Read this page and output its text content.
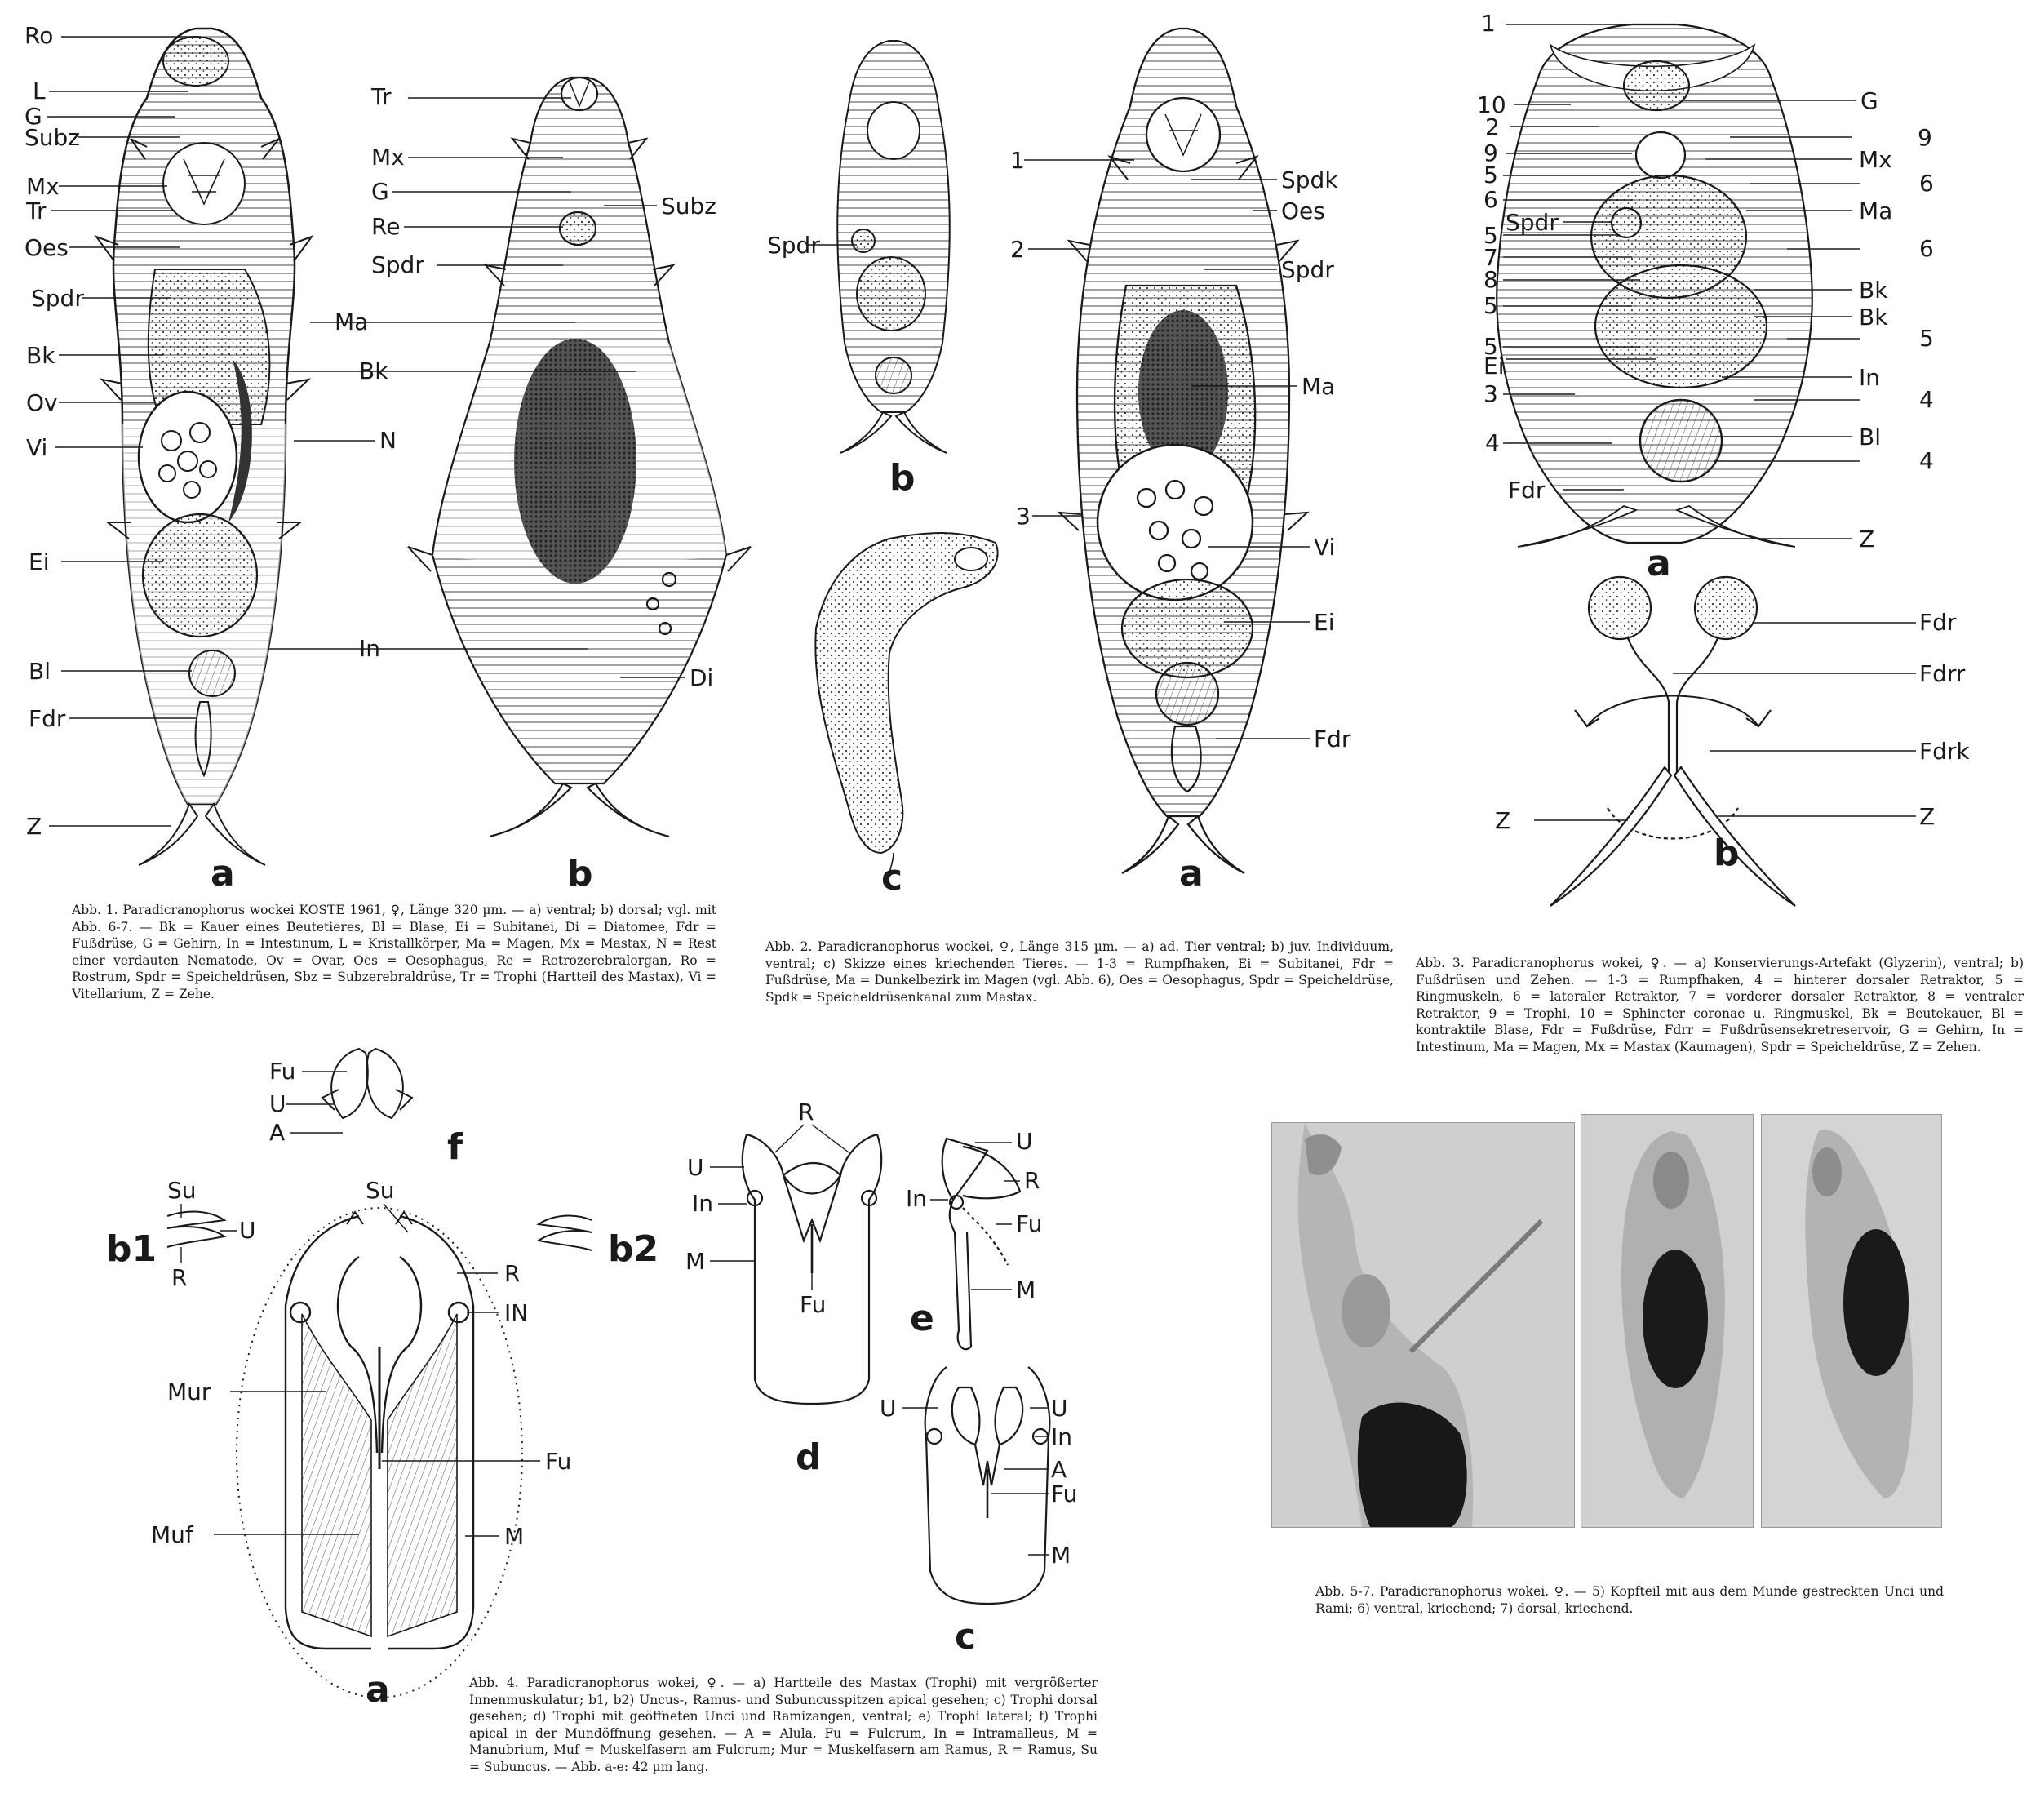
Ro
L
G
Subz
Mx
Tr
Oes
Spdr
Bk
Ov
Vi
Ei
Bl
Fdr
Z
a
Tr
Mx
G
Re
Spdr
Subz
Ma
Bk
N
In
Di
b
Spdr
b
c
1
2
3
Spdk
Oes
Spdr
Ma
Vi
Ei
Fdr
a
1
10
2
9
5
6
Spdr
5
7
8
5
5
Ei
3
4
Fdr
G
9
Mx
6
Ma
6
Bk
Bk
5
In
4
Bl
4
Z
a
Fdr
Fdrr
Fdrk
Z	Z
b
Fu
U
A	f
Su
U
R
b1	b2
Su
R
IN
Mur
Fu
Muf	M
a
R
U
In
M
Fu
d
U
R
In
Fu
M
e
U	U
In
A
Fu
M
c

Abb. 1. Paradicranophorus wockei KOSTE 1961, ♀, Länge 320 µm. — a) ventral; b) dorsal; vgl. mit Abb. 6-7. — Bk = Kauer eines Beutetieres, Bl = Blase, Ei = Subitanei, Di = Diatomee, Fdr = Fußdrüse, G = Gehirn, In = Intestinum, L = Kristallkörper, Ma = Magen, Mx = Mastax, N = Rest einer verdauten Nematode, Ov = Ovar, Oes = Oesophagus, Re = Retrozerebralorgan, Ro = Rostrum, Spdr = Speicheldrüsen, Sbz = Subzerebraldrüse, Tr = Trophi (Hartteil des Mastax), Vi = Vitellarium, Z = Zehe.

Abb. 2. Paradicranophorus wockei, ♀, Länge 315 µm. — a) ad. Tier ventral; b) juv. Individuum, ventral; c) Skizze eines kriechenden Tieres. — 1-3 = Rumpfhaken, Ei = Subitanei, Fdr = Fußdrüse, Ma = Dunkelbezirk im Magen (vgl. Abb. 6), Oes = Oesophagus, Spdr = Speicheldrüse, Spdk = Speicheldrüsenkanal zum Mastax.

Abb. 3. Paradicranophorus wokei, ♀. — a) Konservierungs-Artefakt (Glyzerin), ventral; b) Fußdrüsen und Zehen. — 1-3 = Rumpfhaken, 4 = hinterer dorsaler Retraktor, 5 = Ringmuskeln, 6 = lateraler Retraktor, 7 = vorderer dorsaler Retraktor, 8 = ventraler Retraktor, 9 = Trophi, 10 = Sphincter coronae u. Ringmuskel, Bk = Beutekauer, Bl = kontraktile Blase, Fdr = Fußdrüse, Fdrr = Fußdrüsensekretreservoir, G = Gehirn, In = Intestinum, Ma = Magen, Mx = Mastax (Kaumagen), Spdr = Speicheldrüse, Z = Zehen.

Abb. 4. Paradicranophorus wokei, ♀. — a) Hartteile des Mastax (Trophi) mit vergrößerter Innenmuskulatur; b1, b2) Uncus-, Ramus- und Subuncusspitzen apical gesehen; c) Trophi dorsal gesehen; d) Trophi mit geöffneten Unci und Ramizangen, ventral; e) Trophi lateral; f) Trophi apical in der Mundöffnung gesehen. — A = Alula, Fu = Fulcrum, In = Intramalleus, M = Manubrium, Muf = Muskelfasern am Fulcrum; Mur = Muskelfasern am Ramus, R = Ramus, Su = Subuncus. — Abb. a-e: 42 µm lang.

Abb. 5-7. Paradicranophorus wokei, ♀. — 5) Kopfteil mit aus dem Munde gestreckten Unci und Rami; 6) ventral, kriechend; 7) dorsal, kriechend.
